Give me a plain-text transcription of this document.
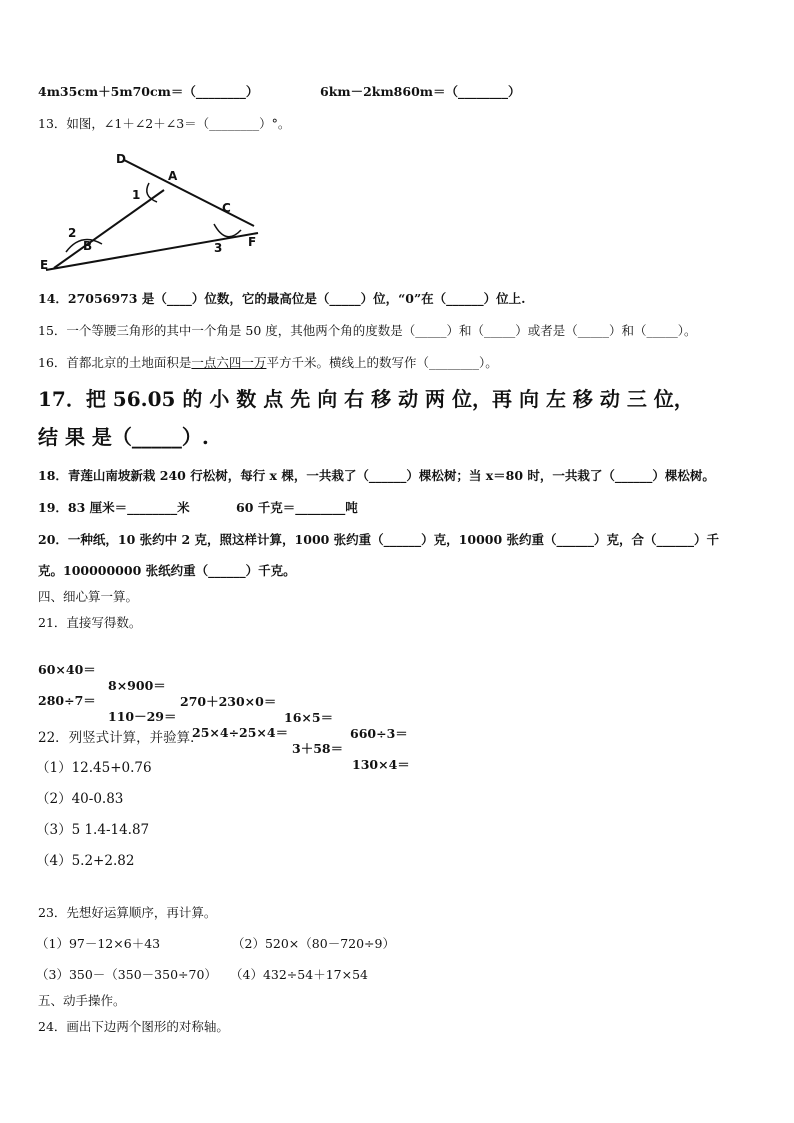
4m35cm＋5m70cm＝（________）	6km－2km860m＝（________）
13．如图，∠1＋∠2＋∠3＝（________）°。
D
A
C
B
E
F
1
2
3
14．27056973 是（____）位数，它的最高位是（_____）位，“0”在（______）位上.
15．一个等腰三角形的其中一个角是 50 度，其他两个角的度数是（_____）和（_____）或者是（_____）和（_____）。
16．首都北京的土地面积是一点六四一万平方千米。横线上的数写作（________）。
17．把 56.05 的 小 数 点 先 向 右 移 动 两 位，再 向 左 移 动 三 位，
结 果 是（_____）.
18．青莲山南坡新栽 240 行松树，每行 x 棵，一共栽了（______）棵松树；当 x＝80 时，一共栽了（______）棵松树。
19．83 厘米＝________米	60 千克＝________吨
20．一种纸，10 张约中 2 克，照这样计算，1000 张约重（______）克，10000 张约重（______）克，合（______）千
克。100000000 张纸约重（______）千克。
四、细心算一算。
21．直接写得数。

60×40＝

8×900＝

270＋230×0＝

16×5＝

660÷3＝

280÷7＝

110－29＝

25×4÷25×4＝

3＋58＝

130×4＝

22．列竖式计算，并验算．
（1）12.45+0.76
（2）40-0.83
（3）5 1.4-14.87
（4）5.2+2.82
23．先想好运算顺序，再计算。
（1）97－12×6＋43	（2）520×（80－720÷9）
（3）350－（350－350÷70） （4）432÷54＋17×54
五、动手操作。
24．画出下边两个图形的对称轴。
